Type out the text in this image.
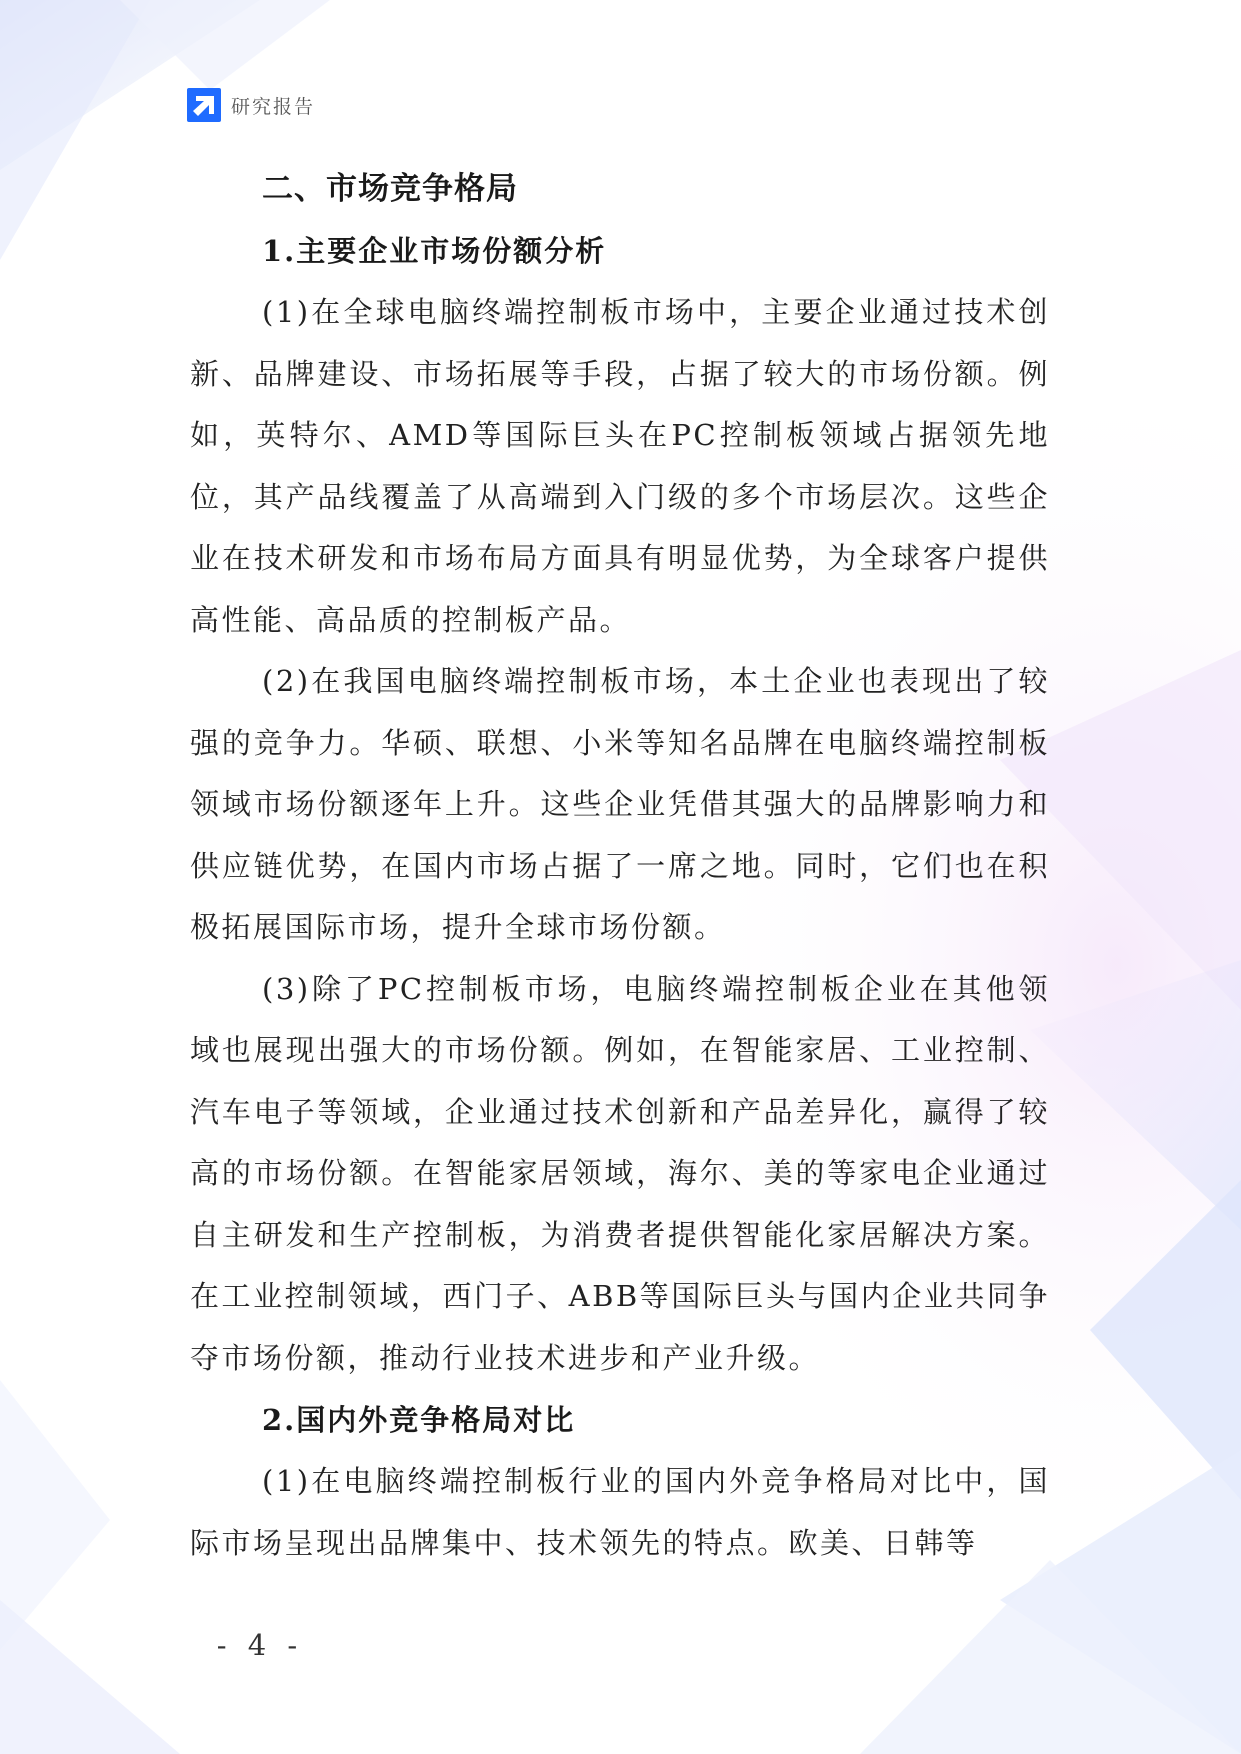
研究报告
二、市场竞争格局
1.主要企业市场份额分析

(1)在全球电脑终端控制板市场中，主要企业通过技术创新、品牌建设、市场拓展等手段，占据了较大的市场份额。例如，英特尔、AMD等国际巨头在PC控制板领域占据领先地位，其产品线覆盖了从高端到入门级的多个市场层次。这些企业在技术研发和市场布局方面具有明显优势，为全球客户提供高性能、高品质的控制板产品。

(2)在我国电脑终端控制板市场，本土企业也表现出了较强的竞争力。华硕、联想、小米等知名品牌在电脑终端控制板领域市场份额逐年上升。这些企业凭借其强大的品牌影响力和供应链优势，在国内市场占据了一席之地。同时，它们也在积极拓展国际市场，提升全球市场份额。

(3)除了PC控制板市场，电脑终端控制板企业在其他领域也展现出强大的市场份额。例如，在智能家居、工业控制、汽车电子等领域，企业通过技术创新和产品差异化，赢得了较高的市场份额。在智能家居领域，海尔、美的等家电企业通过自主研发和生产控制板，为消费者提供智能化家居解决方案。在工业控制领域，西门子、ABB等国际巨头与国内企业共同争夺市场份额，推动行业技术进步和产业升级。

2.国内外竞争格局对比

(1)在电脑终端控制板行业的国内外竞争格局对比中，国际市场呈现出品牌集中、技术领先的特点。欧美、日韩等

- 4 -
